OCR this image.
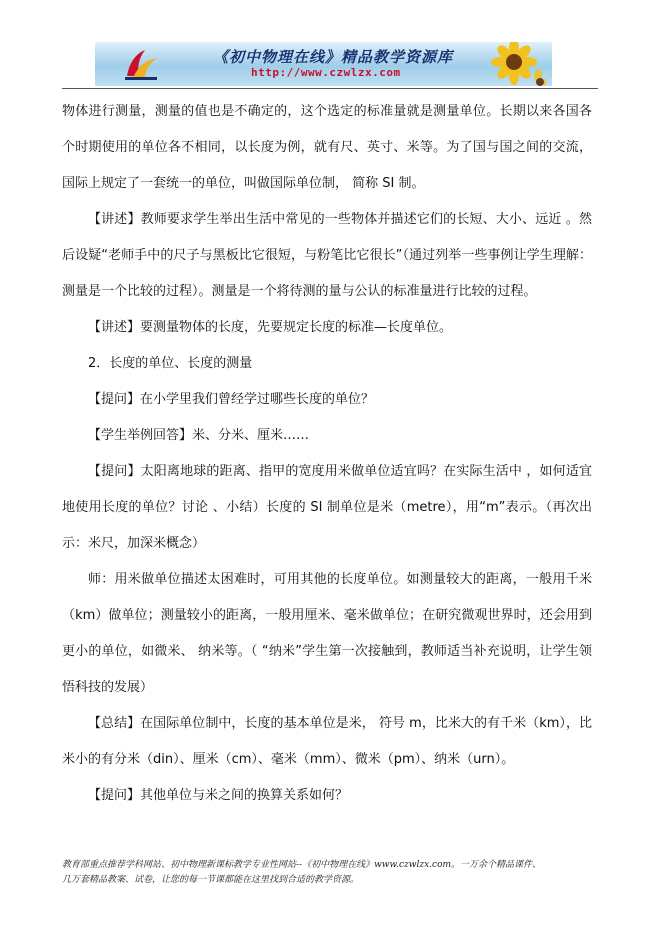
《初中物理在线》精品教学资源库
http://www.czwlzx.com

物体进行测量，测量的值也是不确定的，这个选定的标准量就是测量单位。长期以来各国各个时期使用的单位各不相同，以长度为例，就有尺、英寸、米等。为了国与国之间的交流，国际上规定了一套统一的单位，叫做国际单位制， 简称 SI 制。

【讲述】教师要求学生举出生活中常见的一些物体并描述它们的长短、大小、远近 。然后设疑“老师手中的尺子与黑板比它很短，与粉笔比它很长”（通过列举一些事例让学生理解：测量是一个比较的过程）。测量是一个将待测的量与公认的标准量进行比较的过程。

【讲述】要测量物体的长度，先要规定长度的标准—长度单位。

2．长度的单位、长度的测量

【提问】在小学里我们曾经学过哪些长度的单位？

【学生举例回答】米、分米、厘米……

【提问】太阳离地球的距离、指甲的宽度用米做单位适宜吗？在实际生活中 ，如何适宜地使用长度的单位？讨论 、小结）长度的 SI 制单位是米（metre），用“m”表示。（再次出示：米尺，加深米概念）

师：用米做单位描述太困难时，可用其他的长度单位。如测量较大的距离，一般用千米（km）做单位；测量较小的距离，一般用厘米、毫米做单位；在研究微观世界时，还会用到更小的单位，如微米、 纳米等。（ “纳米”学生第一次接触到，教师适当补充说明，让学生领悟科技的发展）

【总结】在国际单位制中，长度的基本单位是米， 符号 m，比米大的有千米（km），比米小的有分米（din）、厘米（cm）、毫米（mm）、微米（pm）、纳米（urn）。

【提问】其他单位与米之间的换算关系如何？

教育部重点推荐学科网站、初中物理新课标教学专业性网站--《初中物理在线》www.czwlzx.com。一万余个精品课件、
几万套精品教案、试卷，让您的每一节课都能在这里找到合适的教学资源。
